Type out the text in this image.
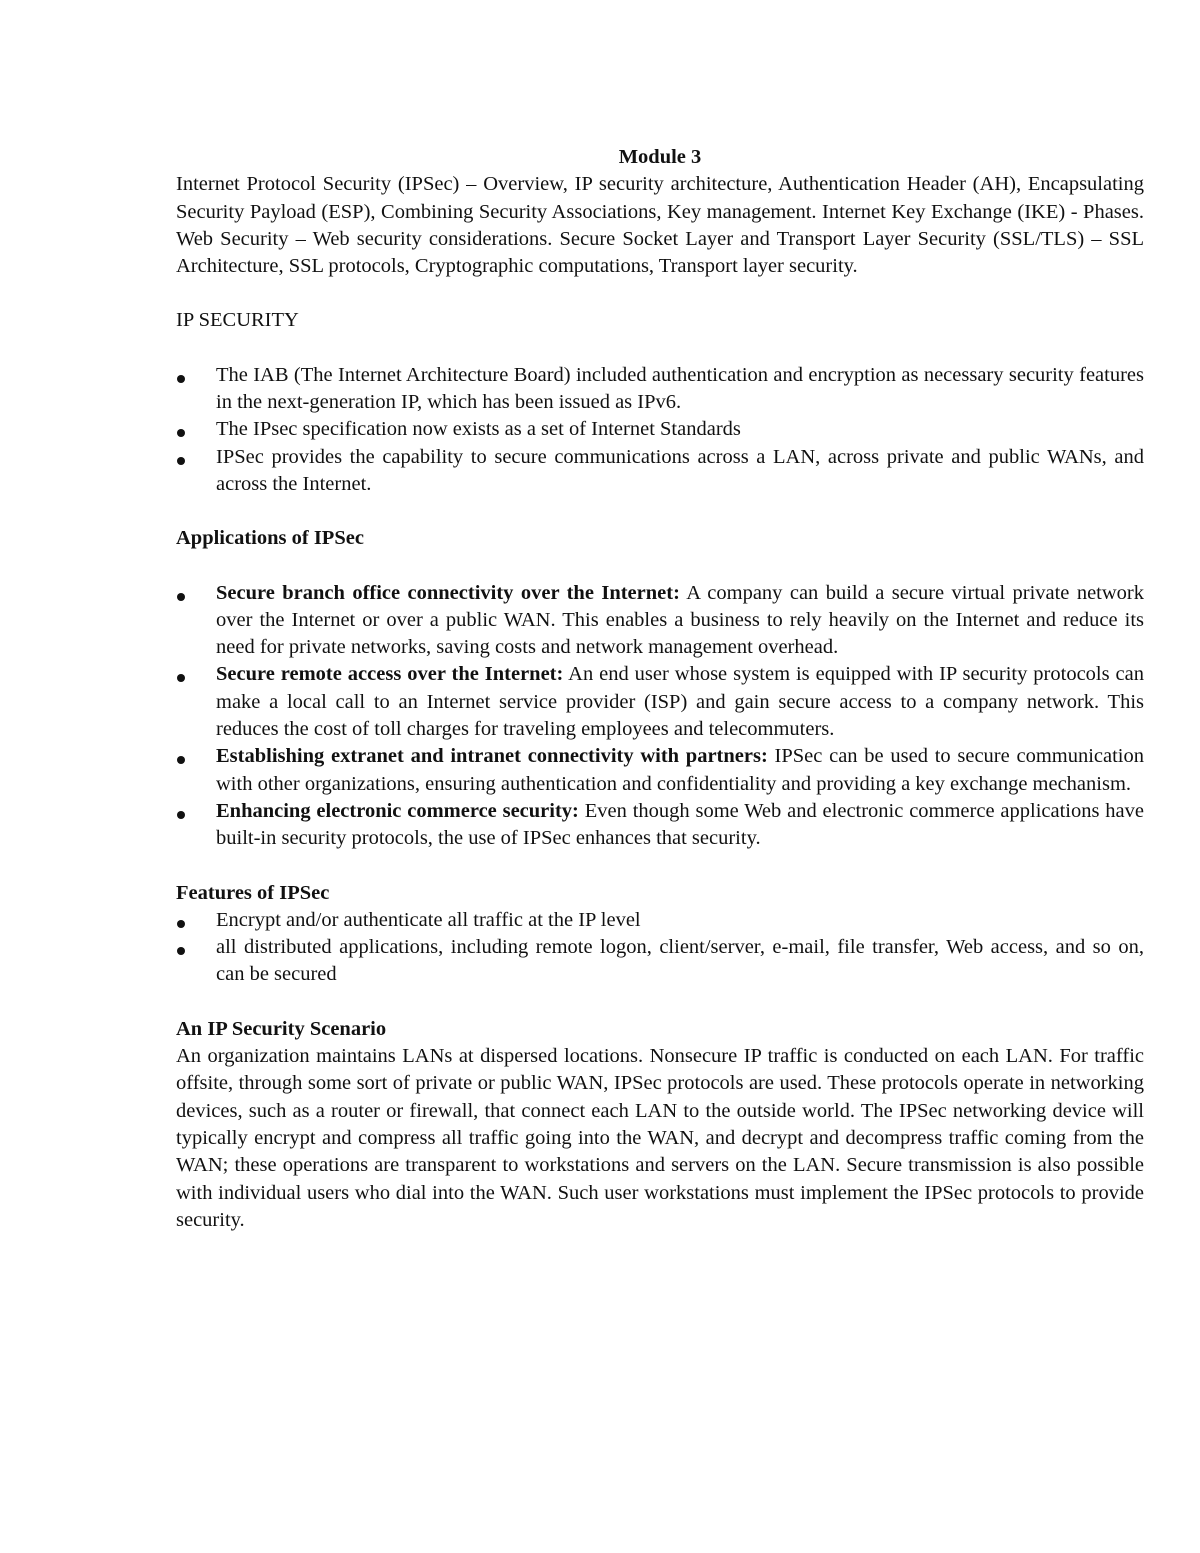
Module 3

Internet Protocol Security (IPSec) – Overview, IP security architecture, Authentication Header (AH), Encapsulating Security Payload (ESP), Combining Security Associations, Key management. Internet Key Exchange (IKE) - Phases. Web Security – Web security considerations. Secure Socket Layer and Transport Layer Security (SSL/TLS) – SSL Architecture, SSL protocols, Cryptographic computations, Transport layer security.

IP SECURITY

The IAB (The Internet Architecture Board) included authentication and encryption as necessary security features in the next-generation IP, which has been issued as IPv6.
The IPsec specification now exists as a set of Internet Standards
IPSec provides the capability to secure communications across a LAN, across private and public WANs, and across the Internet.

Applications of IPSec

Secure branch office connectivity over the Internet: A company can build a secure virtual private network over the Internet or over a public WAN. This enables a business to rely heavily on the Internet and reduce its need for private networks, saving costs and network management overhead.
Secure remote access over the Internet: An end user whose system is equipped with IP security protocols can make a local call to an Internet service provider (ISP) and gain secure access to a company network. This reduces the cost of toll charges for traveling employees and telecommuters.
Establishing extranet and intranet connectivity with partners: IPSec can be used to secure communication with other organizations, ensuring authentication and confidentiality and providing a key exchange mechanism.
Enhancing electronic commerce security: Even though some Web and electronic commerce applications have built-in security protocols, the use of IPSec enhances that security.

Features of IPSec

Encrypt and/or authenticate all traffic at the IP level
all distributed applications, including remote logon, client/server, e-mail, file transfer, Web access, and so on, can be secured

An IP Security Scenario

An organization maintains LANs at dispersed locations. Nonsecure IP traffic is conducted on each LAN. For traffic offsite, through some sort of private or public WAN, IPSec protocols are used. These protocols operate in networking devices, such as a router or firewall, that connect each LAN to the outside world. The IPSec networking device will typically encrypt and compress all traffic going into the WAN, and decrypt and decompress traffic coming from the WAN; these operations are transparent to workstations and servers on the LAN. Secure transmission is also possible with individual users who dial into the WAN. Such user workstations must implement the IPSec protocols to provide security.
